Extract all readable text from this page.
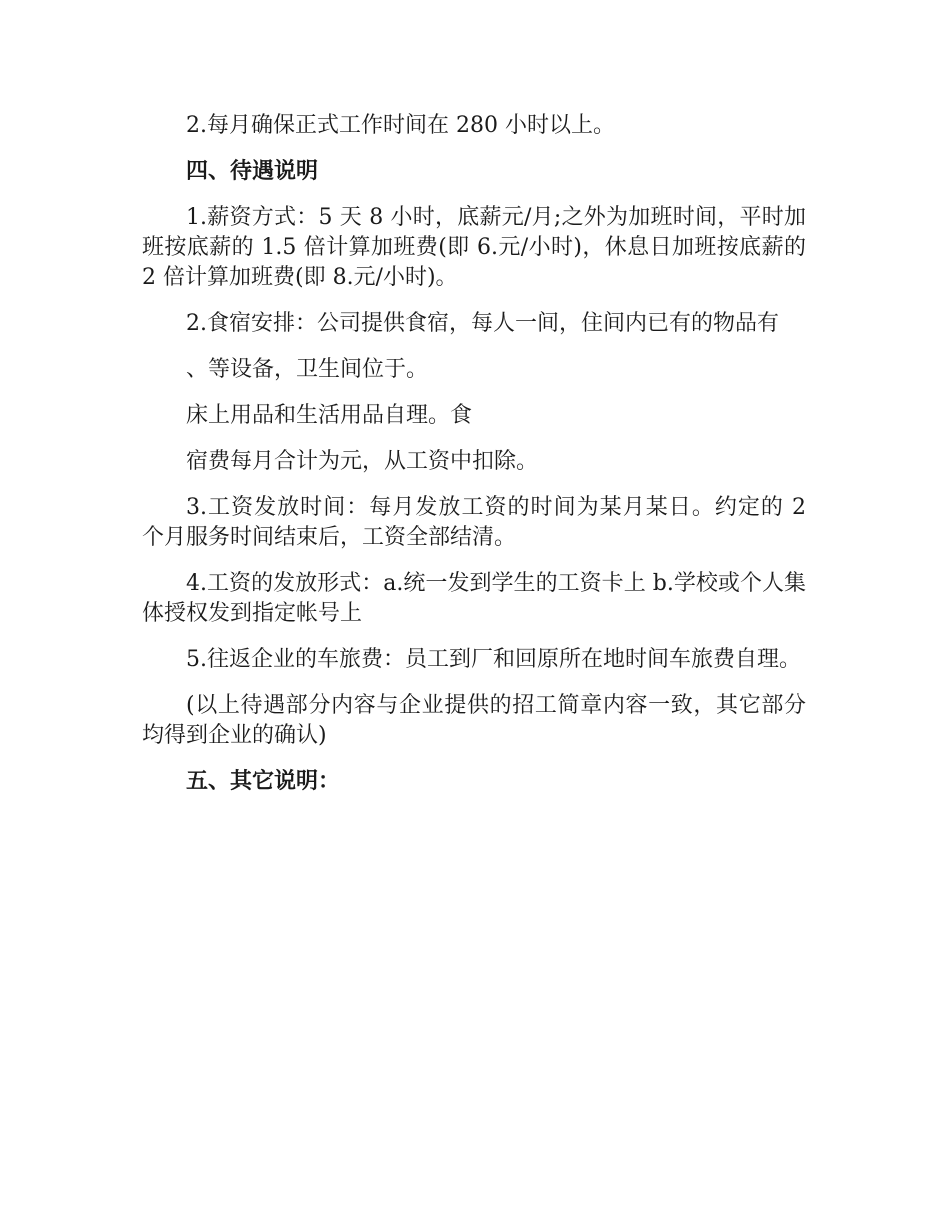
2.每月确保正式工作时间在 280 小时以上。

四、待遇说明

1.薪资方式：5 天 8 小时，底薪元/月;之外为加班时间，平时加班按底薪的 1.5 倍计算加班费(即 6.元/小时)，休息日加班按底薪的 2 倍计算加班费(即 8.元/小时)。

2.食宿安排：公司提供食宿，每人一间，住间内已有的物品有

、等设备，卫生间位于。

床上用品和生活用品自理。食

宿费每月合计为元，从工资中扣除。

3.工资发放时间：每月发放工资的时间为某月某日。约定的 2 个月服务时间结束后，工资全部结清。

4.工资的发放形式：a.统一发到学生的工资卡上 b.学校或个人集体授权发到指定帐号上

5.往返企业的车旅费：员工到厂和回原所在地时间车旅费自理。

(以上待遇部分内容与企业提供的招工简章内容一致，其它部分均得到企业的确认)

五、其它说明：
